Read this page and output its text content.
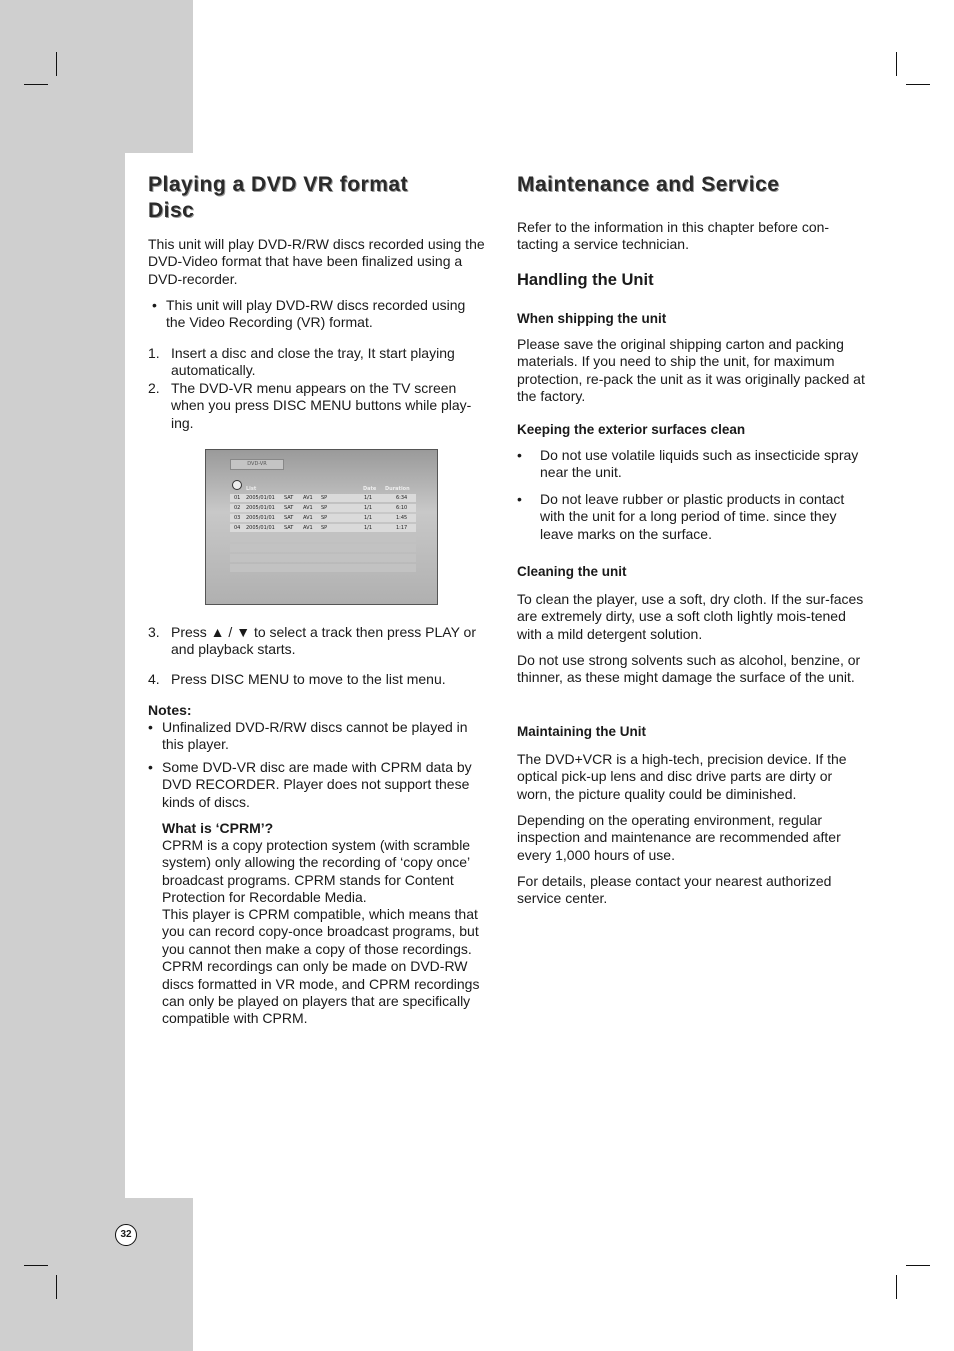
Playing a DVD VR format
Disc

This unit will play DVD-R/RW discs recorded using the DVD-Video format that have been finalized using a DVD-recorder.

• This unit will play DVD-RW discs recorded using the Video Recording (VR) format.
1. Insert a disc and close the tray, It start playing automatically.
2. The DVD-VR menu appears on the TV screen when you press DISC MENU buttons while play-ing.
DVD-VR
List	Date Duration
01 2005/01/01 SAT AV1 SP	1/1	6:34
02 2005/01/01 SAT AV1 SP	1/1	6:10
03 2005/01/01 SAT AV1 SP	1/1	1:45
04 2005/01/01 SAT AV1 SP	1/1	1:17
3. Press ▲ / ▼ to select a track then press PLAY or and playback starts.
4. Press DISC MENU to move to the list menu.

Notes:

• Unfinalized DVD-R/RW discs cannot be played in this player.
• Some DVD-VR disc are made with CPRM data by DVD RECORDER. Player does not support these kinds of discs.

What is ‘CPRM’?

CPRM is a copy protection system (with scramble system) only allowing the recording of ‘copy once’ broadcast programs. CPRM stands for Content Protection for Recordable Media.

This player is CPRM compatible, which means that you can record copy-once broadcast programs, but you cannot then make a copy of those recordings. CPRM recordings can only be made on DVD-RW discs formatted in VR mode, and CPRM recordings can only be played on players that are specifically compatible with CPRM.

Maintenance and Service

Refer to the information in this chapter before con-tacting a service technician.

Handling the Unit
When shipping the unit

Please save the original shipping carton and packing materials. If you need to ship the unit, for maximum protection, re-pack the unit as it was originally packed at the factory.

Keeping the exterior surfaces clean
•	Do not use volatile liquids such as insecticide spray near the unit.
•	Do not leave rubber or plastic products in contact with the unit for a long period of time. since they leave marks on the surface.
Cleaning the unit

To clean the player, use a soft, dry cloth. If the sur-faces are extremely dirty, use a soft cloth lightly mois-tened with a mild detergent solution.

Do not use strong solvents such as alcohol, benzine, or thinner, as these might damage the surface of the unit.

Maintaining the Unit

The DVD+VCR is a high-tech, precision device. If the optical pick-up lens and disc drive parts are dirty or worn, the picture quality could be diminished.

Depending on the operating environment, regular inspection and maintenance are recommended after every 1,000 hours of use.

For details, please contact your nearest authorized service center.

32
